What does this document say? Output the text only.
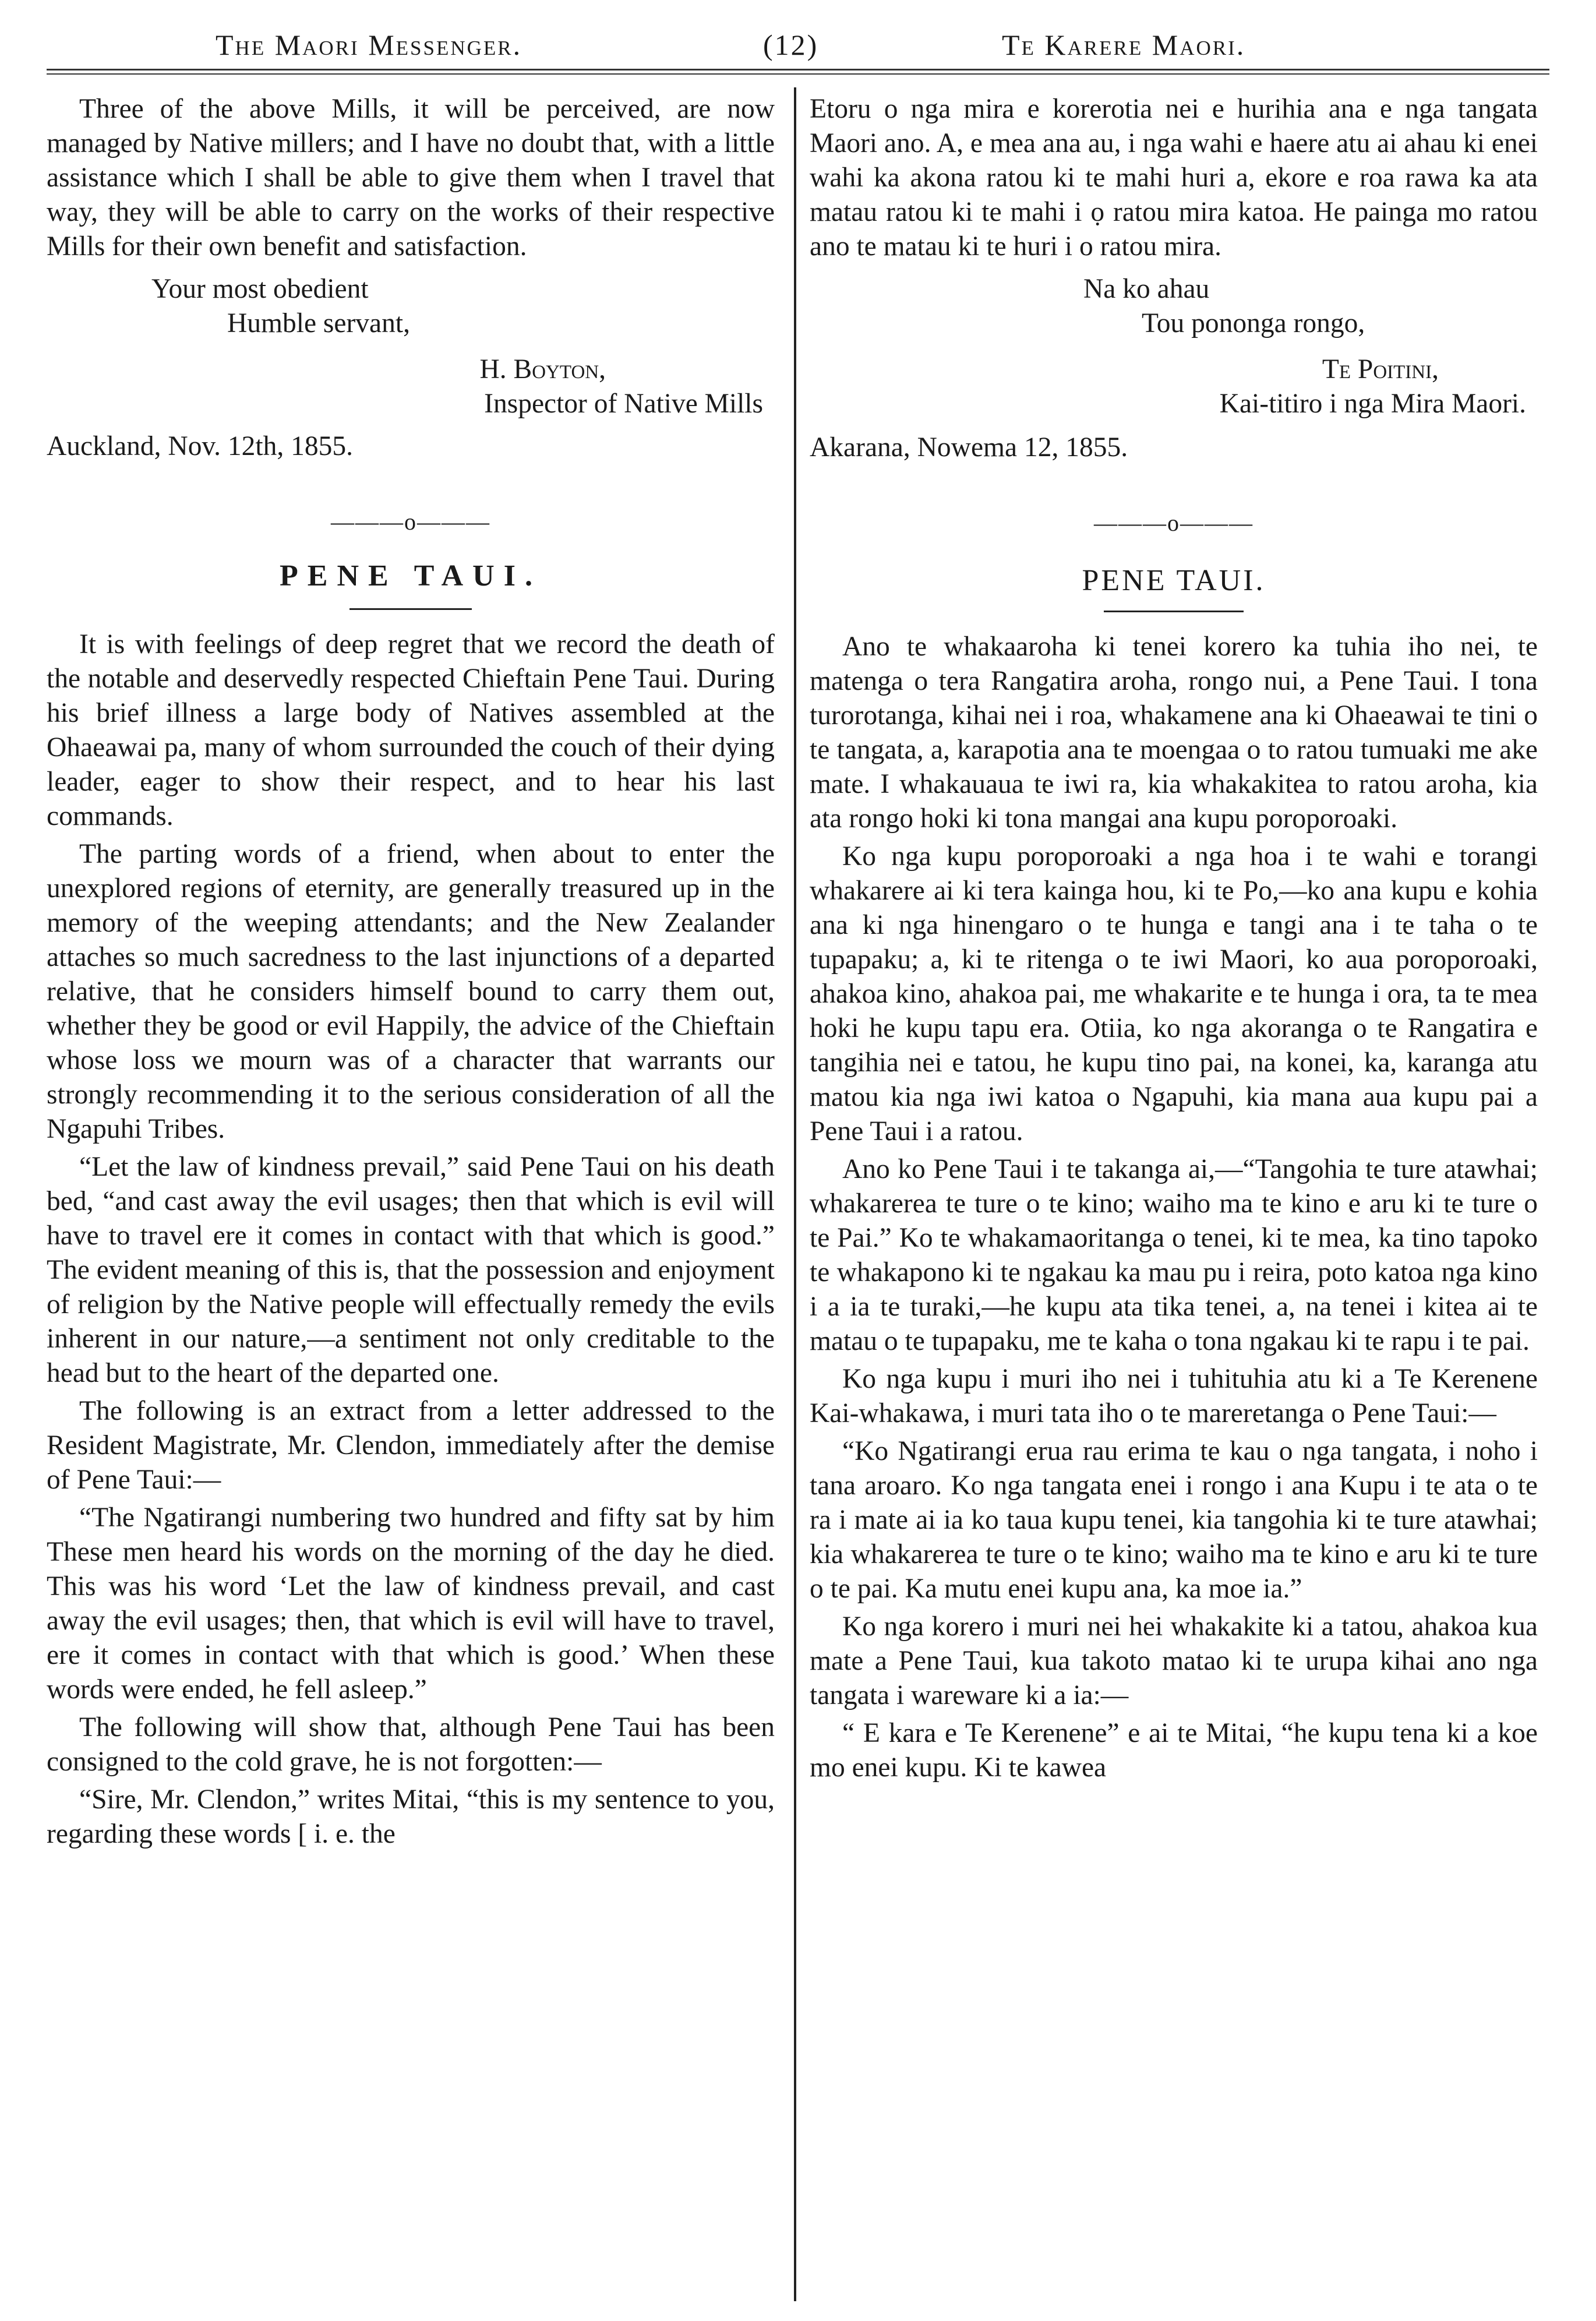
The Maori Messenger.	(12)	Te Karere Maori.

Three of the above Mills, it will be perceived, are now managed by Native millers; and I have no doubt that, with a little assistance which I shall be able to give them when I travel that way, they will be able to carry on the works of their respective Mills for their own benefit and satisfaction.

Your most obedient
Humble servant,
H. Boyton,
Inspector of Native Mills
Auckland, Nov. 12th, 1855.
———o———
PENE TAUI.

It is with feelings of deep regret that we record the death of the notable and deservedly respected Chieftain Pene Taui. During his brief illness a large body of Natives assembled at the Ohaeawai pa, many of whom surrounded the couch of their dying leader, eager to show their respect, and to hear his last commands.

The parting words of a friend, when about to enter the unexplored regions of eternity, are generally treasured up in the memory of the weeping attendants; and the New Zealander attaches so much sacredness to the last injunctions of a departed relative, that he considers himself bound to carry them out, whether they be good or evil Happily, the advice of the Chieftain whose loss we mourn was of a character that warrants our strongly recommending it to the serious consideration of all the Ngapuhi Tribes.

“Let the law of kindness prevail,” said Pene Taui on his death bed, “and cast away the evil usages; then that which is evil will have to travel ere it comes in contact with that which is good.” The evident meaning of this is, that the possession and enjoyment of religion by the Native people will effectually remedy the evils inherent in our nature,—a sentiment not only creditable to the head but to the heart of the departed one.

The following is an extract from a letter addressed to the Resident Magistrate, Mr. Clendon, immediately after the demise of Pene Taui:—

“The Ngatirangi numbering two hundred and fifty sat by him These men heard his words on the morning of the day he died. This was his word ‘Let the law of kindness prevail, and cast away the evil usages; then, that which is evil will have to travel, ere it comes in contact with that which is good.’ When these words were ended, he fell asleep.”

The following will show that, although Pene Taui has been consigned to the cold grave, he is not forgotten:—

“Sire, Mr. Clendon,” writes Mitai, “this is my sentence to you, regarding these words [ i. e. the

Etoru o nga mira e korerotia nei e hurihia ana e nga tangata Maori ano. A, e mea ana au, i nga wahi e haere atu ai ahau ki enei wahi ka akona ratou ki te mahi huri a, ekore e roa rawa ka ata matau ratou ki te mahi i ọ ratou mira katoa. He painga mo ratou ano te matau ki te huri i o ratou mira.

Na ko ahau
Tou pononga rongo,
Te Poitini,
Kai-titiro i nga Mira Maori.
Akarana, Nowema 12, 1855.
———o———
PENE TAUI.

Ano te whakaaroha ki tenei korero ka tuhia iho nei, te matenga o tera Rangatira aroha, rongo nui, a Pene Taui. I tona turorotanga, kihai nei i roa, whakamene ana ki Ohaeawai te tini o te tangata, a, karapotia ana te moengaa o to ratou tumuaki me ake mate. I whakauaua te iwi ra, kia whakakitea to ratou aroha, kia ata rongo hoki ki tona mangai ana kupu poroporoaki.

Ko nga kupu poroporoaki a nga hoa i te wahi e torangi whakarere ai ki tera kainga hou, ki te Po,—ko ana kupu e kohia ana ki nga hinengaro o te hunga e tangi ana i te taha o te tupapaku; a, ki te ritenga o te iwi Maori, ko aua poroporoaki, ahakoa kino, ahakoa pai, me whakarite e te hunga i ora, ta te mea hoki he kupu tapu era. Otiia, ko nga akoranga o te Rangatira e tangihia nei e tatou, he kupu tino pai, na konei, ka, karanga atu matou kia nga iwi katoa o Ngapuhi, kia mana aua kupu pai a Pene Taui i a ratou.

Ano ko Pene Taui i te takanga ai,—“Tangohia te ture atawhai; whakarerea te ture o te kino; waiho ma te kino e aru ki te ture o te Pai.” Ko te whakamaoritanga o tenei, ki te mea, ka tino tapoko te whakapono ki te ngakau ka mau pu i reira, poto katoa nga kino i a ia te turaki,—he kupu ata tika tenei, a, na tenei i kitea ai te matau o te tupapaku, me te kaha o tona ngakau ki te rapu i te pai.

Ko nga kupu i muri iho nei i tuhituhia atu ki a Te Kerenene Kai-whakawa, i muri tata iho o te mareretanga o Pene Taui:—

“Ko Ngatirangi erua rau erima te kau o nga tangata, i noho i tana aroaro. Ko nga tangata enei i rongo i ana Kupu i te ata o te ra i mate ai ia ko taua kupu tenei, kia tangohia ki te ture atawhai; kia whakarerea te ture o te kino; waiho ma te kino e aru ki te ture o te pai. Ka mutu enei kupu ana, ka moe ia.”

Ko nga korero i muri nei hei whakakite ki a tatou, ahakoa kua mate a Pene Taui, kua takoto matao ki te urupa kihai ano nga tangata i wareware ki a ia:—

“ E kara e Te Kerenene” e ai te Mitai, “he kupu tena ki a koe mo enei kupu. Ki te kawea
